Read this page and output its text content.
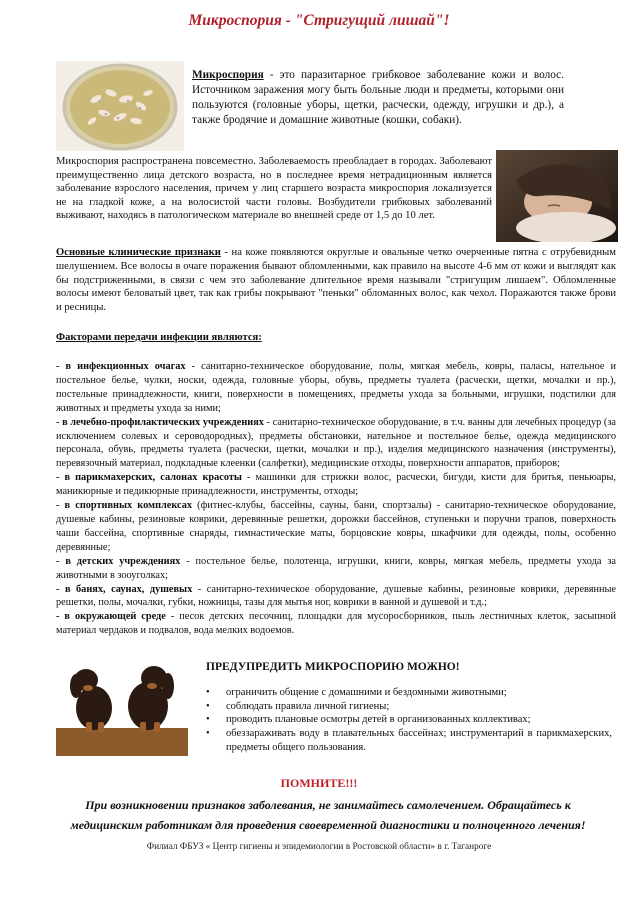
Микроспория - "Стригущий лишай"!
Микроспория - это паразитарное грибковое заболевание кожи и волос. Источником заражения могу быть больные люди и предметы, которыми они пользуются (головные уборы, щетки, расчески, одежду, игрушки и др.), а также бродячие и домашние животные (кошки, собаки).
Микроспория распространена повсеместно. Заболеваемость преобладает в городах. Заболевают преимущественно лица детского возраста, но в последнее время нетрадиционным является заболевание взрослого населения, причем у лиц старшего возраста микроспория локализуется не на гладкой коже, а на волосистой части головы. Возбудители грибковых заболеваний выживают, находясь в патологическом материале во внешней среде от 1,5 до 10 лет.
Основные клинические признаки - на коже появляются округлые и овальные четко очерченные пятна с отрубевидным шелушением. Все волосы в очаге поражения бывают обломленными, как правило на высоте 4-6 мм от кожи и выглядят как бы подстриженными, в связи с чем это заболевание длительное время называли "стригущим лишаем". Обломленные волосы имеют беловатый цвет, так как грибы покрывают "пеньки" обломанных волос, как чехол. Поражаются также брови и ресницы.
Факторами передачи инфекции являются:

- в инфекционных очагах - санитарно-техническое оборудование, полы, мягкая мебель, ковры, паласы, нательное и постельное белье, чулки, носки, одежда, головные уборы, обувь, предметы туалета (расчески, щетки, мочалки и пр.), постельные принадлежности, книги, поверхности в помещениях, предметы ухода за больными, игрушки, подстилки для животных и предметы ухода за ними;

- в лечебно-профилактических учреждениях - санитарно-техническое оборудование, в т.ч. ванны для лечебных процедур (за исключением солевых и сероводородных), предметы обстановки, нательное и постельное белье, одежда медицинского персонала, обувь, предметы туалета (расчески, щетки, мочалки и пр.), изделия медицинского назначения (инструменты), перевязочный материал, подкладные клеенки (салфетки), медицинские отходы, поверхности аппаратов, приборов;

- в парикмахерских, салонах красоты - машинки для стрижки волос, расчески, бигуди, кисти для бритья, пеньюары, маникюрные и педикюрные принадлежности, инструменты, отходы;

- в спортивных комплексах (фитнес-клубы, бассейны, сауны, бани, спортзалы) - санитарно-техническое оборудование, душевые кабины, резиновые коврики, деревянные решетки, дорожки бассейнов, ступеньки и поручни трапов, поверхность чаши бассейна, спортивные снаряды, гимнастические маты, борцовские ковры, шкафчики для одежды, полы, особенно деревянные;

- в детских учреждениях - постельное белье, полотенца, игрушки, книги, ковры, мягкая мебель, предметы ухода за животными в зооуголках;

- в банях, саунах, душевых - санитарно-техническое оборудование, душевые кабины, резиновые коврики, деревянные решетки, полы, мочалки, губки, ножницы, тазы для мытья ног, коврики в ванной и душевой и т.д.;

- в окружающей среде - песок детских песочниц, площадки для мусоросборников, пыль лестничных клеток, засыпной материал чердаков и подвалов, вода мелких водоемов.

ПРЕДУПРЕДИТЬ МИКРОСПОРИЮ МОЖНО!
• ограничить общение с домашними и бездомными животными;
• соблюдать правила личной гигиены;
• проводить плановые осмотры детей в организованных коллективах;
• обеззараживать воду в плавательных бассейнах; инструментарий в парикмахерских, предметы общего пользования.
ПОМНИТЕ!!!
При возникновении признаков заболевания, не занимайтесь самолечением. Обращайтесь к медицинским работникам для проведения своевременной диагностики и полноценного лечения!
Филиал ФБУЗ « Центр гигиены и эпидемиологии в Ростовской области» в г. Таганроге
